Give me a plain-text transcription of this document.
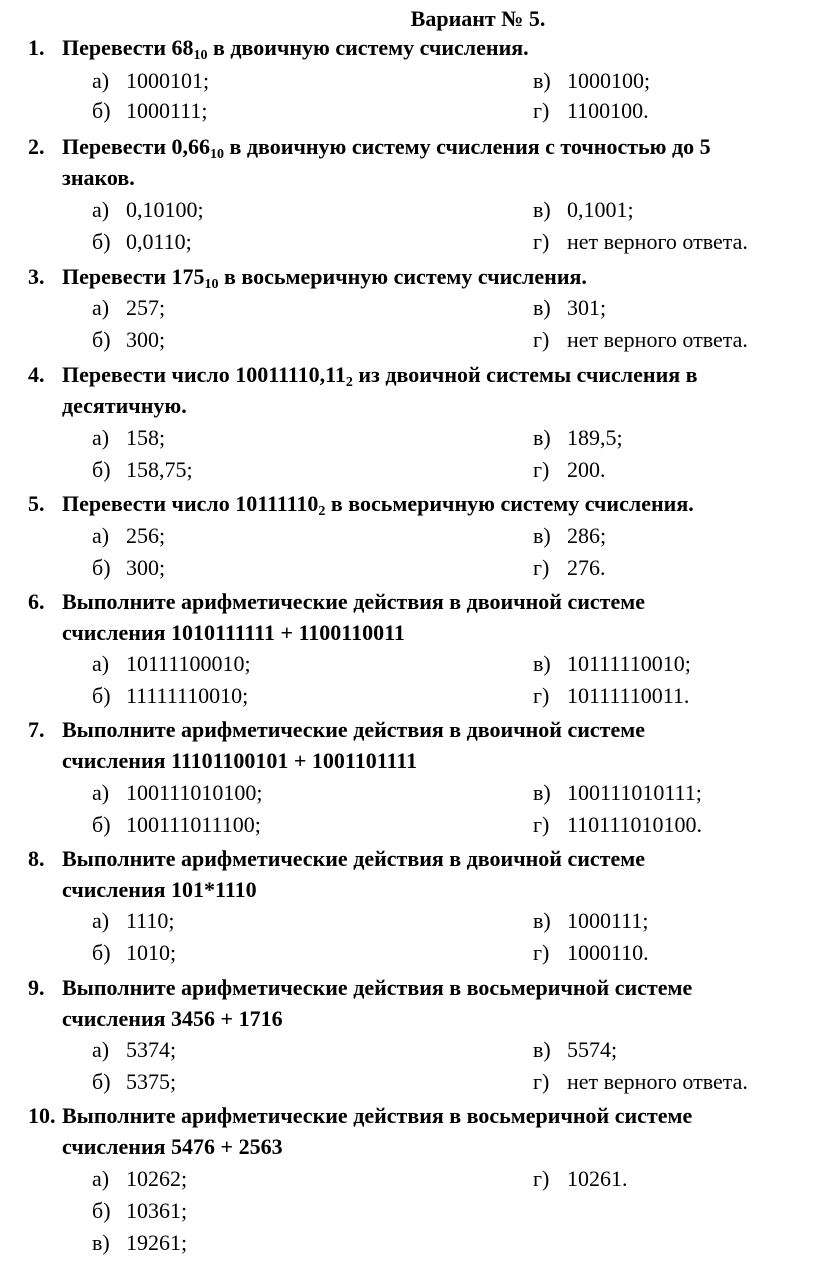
Вариант № 5.
1. Перевести $68_{10}$ в двоичную систему счисления.
а) 1000101;	в) 1000100;
б) 1000111;	г) 1100100.
2. Перевести $0,66_{10}$ в двоичную систему счисления с точностью до 5
знаков.
а) 0,10100;	в) 0,1001;
б) 0,0110;	г) нет верного ответа.
3. Перевести $175_{10}$ в восьмеричную систему счисления.
а) 257;	в) 301;
б) 300;	г) нет верного ответа.
4. Перевести число $10011110,11_2$ из двоичной системы счисления в
десятичную.
а) 158;	в) 189,5;
б) 158,75;	г) 200.
5. Перевести число $10111110_2$ в восьмеричную систему счисления.
а) 256;	в) 286;
б) 300;	г) 276.
6. Выполните арифметические действия в двоичной системе
счисления 1010111111 + 1100110011
а) 10111100010;	в) 10111110010;
б) 11111110010;	г) 10111110011.
7. Выполните арифметические действия в двоичной системе
счисления 11101100101 + 1001101111
а) 100111010100;	в) 100111010111;
б) 100111011100;	г) 110111010100.
8. Выполните арифметические действия в двоичной системе
счисления 101*1110
а) 1110;	в) 1000111;
б) 1010;	г) 1000110.
9. Выполните арифметические действия в восьмеричной системе
счисления 3456 + 1716
а) 5374;	в) 5574;
б) 5375;	г) нет верного ответа.
10. Выполните арифметические действия в восьмеричной системе
счисления 5476 + 2563
а) 10262;	г) 10261.
б) 10361;
в) 19261;
